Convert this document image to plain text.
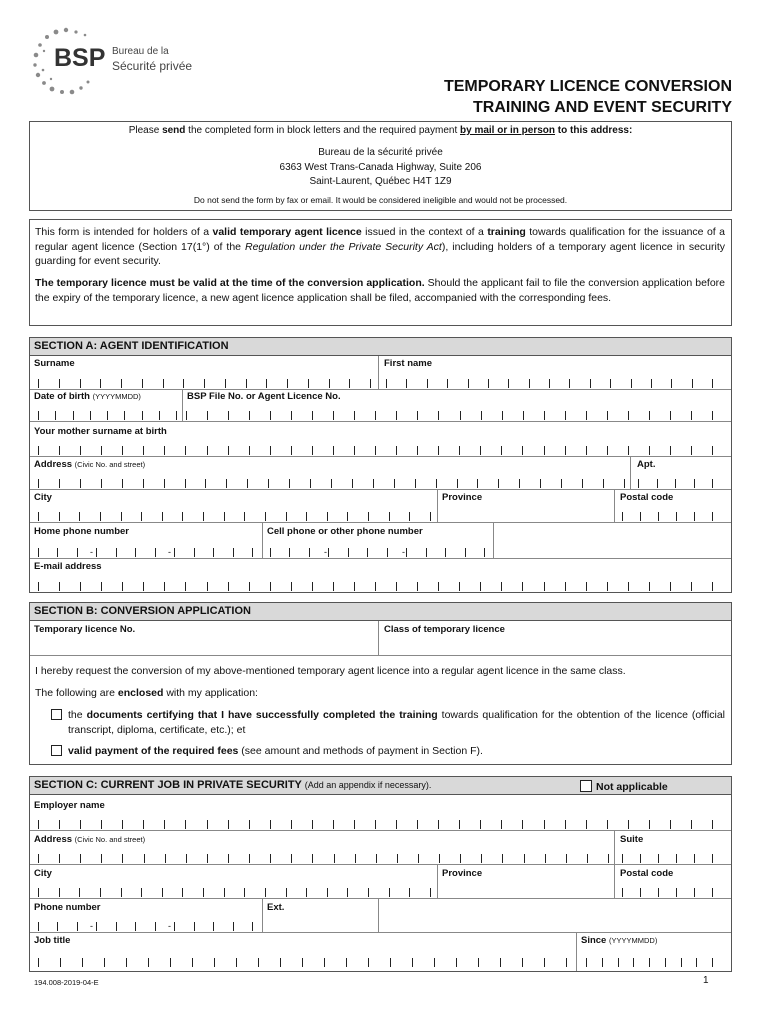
BSP Bureau de la
Sécurité privée
TEMPORARY LICENCE CONVERSION
TRAINING AND EVENT SECURITY
Please send the completed form in block letters and the required payment by mail or in person to this address:
Bureau de la sécurité privée
6363 West Trans-Canada Highway, Suite 206
Saint-Laurent, Québec H4T 1Z9
Do not send the form by fax or email. It would be considered ineligible and would not be processed.
This form is intended for holders of a valid temporary agent licence issued in the context of a training towards qualification for the issuance of a regular agent licence (Section 17(1°) of the Regulation under the Private Security Act), including holders of a temporary agent licence in security guarding for event security.
The temporary licence must be valid at the time of the conversion application. Should the applicant fail to file the conversion application before the expiry of the temporary licence, a new agent licence application shall be filed, accompanied with the corresponding fees.
SECTION A: AGENT IDENTIFICATION
Surname	First name
Date of birth (YYYYMMDD)	BSP File No. or Agent Licence No.
Your mother surname at birth
Address (Civic No. and street)	Apt.
City	Province	Postal code
Home phone number	Cell phone or other phone number
-	-	-	-
E-mail address
SECTION B: CONVERSION APPLICATION
Temporary licence No.	Class of temporary licence
I hereby request the conversion of my above-mentioned temporary agent licence into a regular agent licence in the same class.
The following are enclosed with my application:
the documents certifying that I have successfully completed the training towards qualification for the obtention of the licence (official transcript, diploma, certificate, etc.); et
valid payment of the required fees (see amount and methods of payment in Section F).
SECTION C: CURRENT JOB IN PRIVATE SECURITY (Add an appendix if necessary).	Not applicable
Employer name
Address (Civic No. and street)	Suite
City	Province	Postal code
Phone number	Ext.
-	-
Job title	Since (YYYYMMDD)
194.008-2019-04-E	1
